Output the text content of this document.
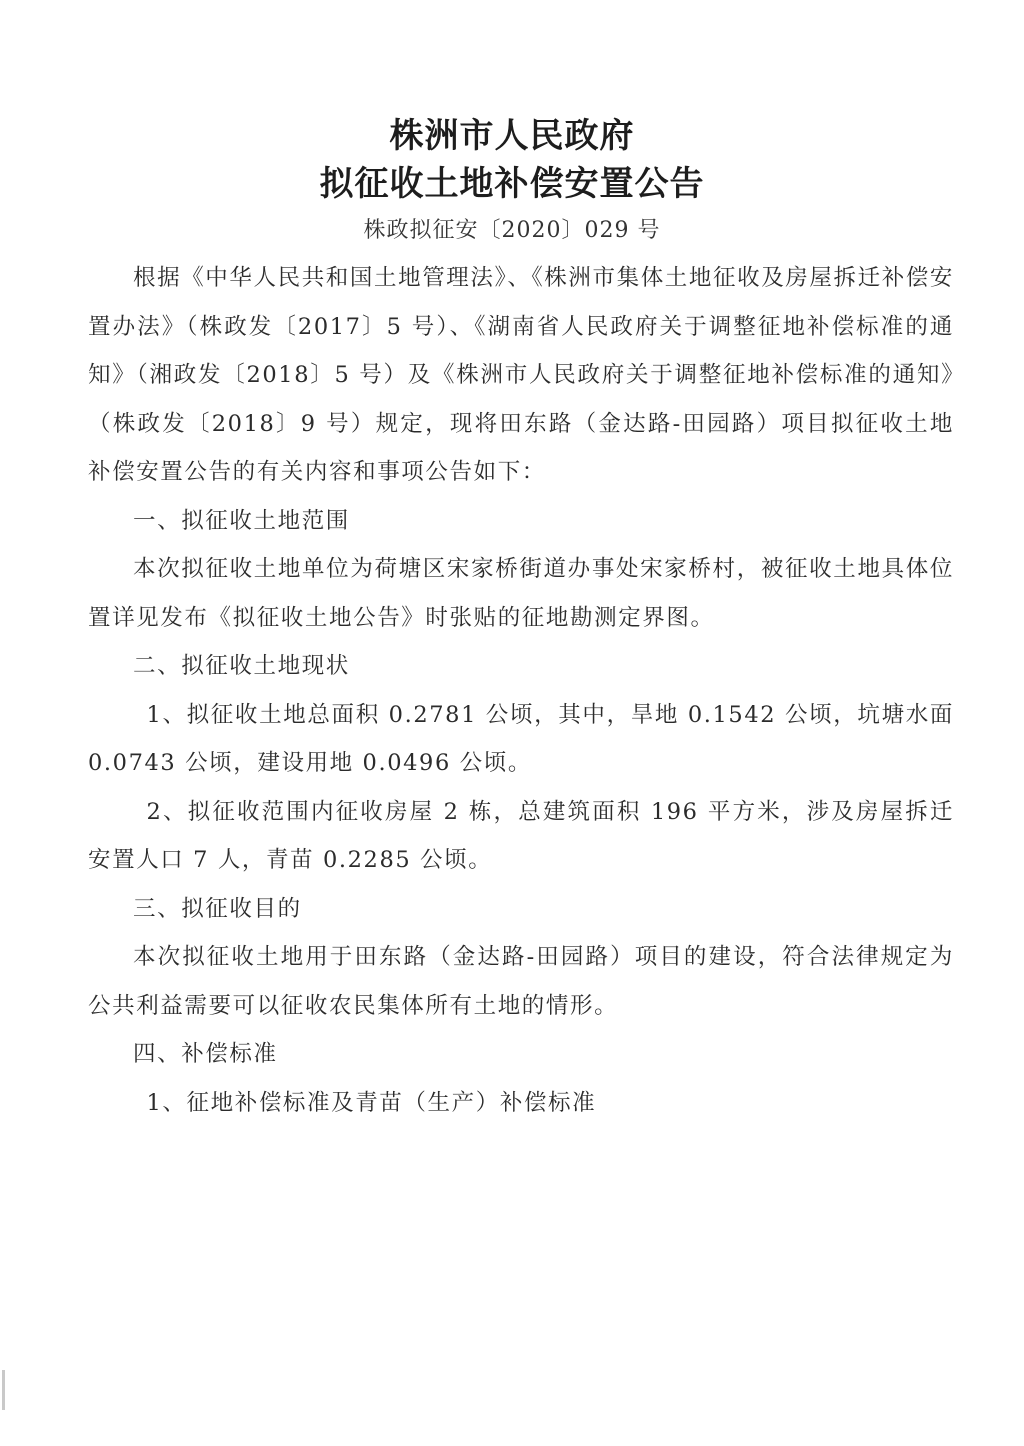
株洲市人民政府
拟征收土地补偿安置公告
株政拟征安〔2020〕029 号

根据《中华人民共和国土地管理法》、《株洲市集体土地征收及房屋拆迁补偿安置办法》（株政发〔2017〕5 号）、《湖南省人民政府关于调整征地补偿标准的通知》（湘政发〔2018〕5 号）及《株洲市人民政府关于调整征地补偿标准的通知》（株政发〔2018〕9 号）规定，现将田东路（金达路-田园路）项目拟征收土地补偿安置公告的有关内容和事项公告如下：

一、拟征收土地范围

本次拟征收土地单位为荷塘区宋家桥街道办事处宋家桥村，被征收土地具体位置详见发布《拟征收土地公告》时张贴的征地勘测定界图。

二、拟征收土地现状

1、拟征收土地总面积 0.2781 公顷，其中，旱地 0.1542 公顷，坑塘水面 0.0743 公顷，建设用地 0.0496 公顷。

2、拟征收范围内征收房屋 2 栋，总建筑面积 196 平方米，涉及房屋拆迁安置人口 7 人，青苗 0.2285 公顷。

三、拟征收目的

本次拟征收土地用于田东路（金达路-田园路）项目的建设，符合法律规定为公共利益需要可以征收农民集体所有土地的情形。

四、补偿标准

1、征地补偿标准及青苗（生产）补偿标准
